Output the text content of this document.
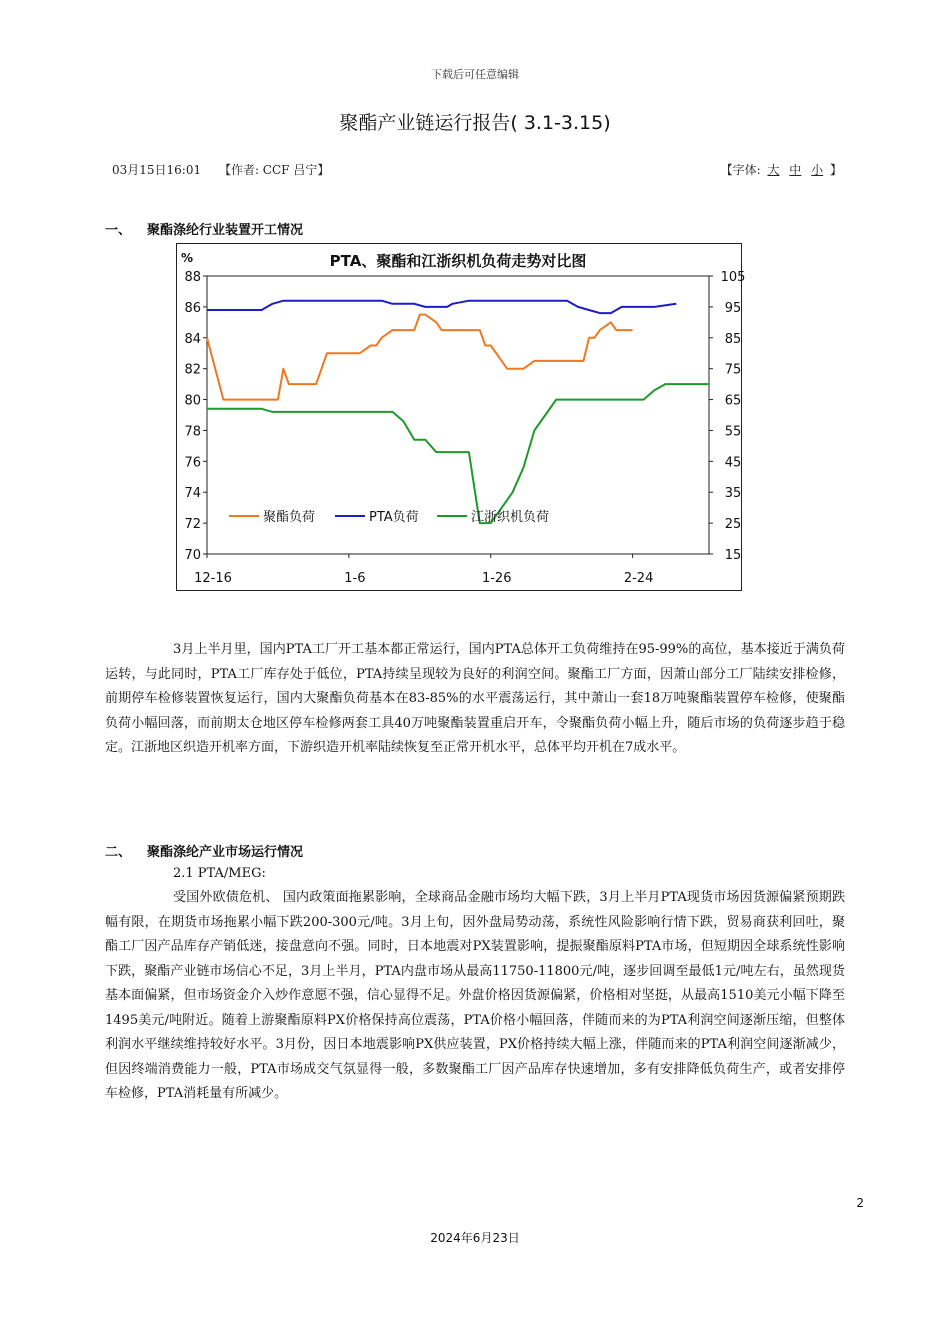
下载后可任意编辑
聚酯产业链运行报告( 3.1-3.15)
03月15日16:01 【作者: CCF 吕宁】	【字体: 大 中 小 】
一、 聚酯涤纶行业装置开工情况
PTA、聚酯和江浙织机负荷走势对比图
%
70
72
74
76
78
80
82
84
86
88
15
25
35
45
55
65
75
85
95
105
12-16	1-6	1-26	2-24
聚酯负荷	PTA负荷	江浙织机负荷

3月上半月里，国内PTA工厂开工基本都正常运行，国内PTA总体开工负荷维持在95-99%的高位，基本接近于满负荷运转，与此同时，PTA工厂库存处于低位，PTA持续呈现较为良好的利润空间。聚酯工厂方面，因萧山部分工厂陆续安排检修，前期停车检修装置恢复运行，国内大聚酯负荷基本在83-85%的水平震荡运行，其中萧山一套18万吨聚酯装置停车检修，使聚酯负荷小幅回落，而前期太仓地区停车检修两套工具40万吨聚酯装置重启开车，令聚酯负荷小幅上升，随后市场的负荷逐步趋于稳定。江浙地区织造开机率方面，下游织造开机率陆续恢复至正常开机水平，总体平均开机在7成水平。

二、 聚酯涤纶产业市场运行情况
2.1 PTA/MEG:

受国外欧债危机、 国内政策面拖累影响，全球商品金融市场均大幅下跌，3月上半月PTA现货市场因货源偏紧预期跌幅有限，在期货市场拖累小幅下跌200-300元/吨。3月上旬，因外盘局势动荡，系统性风险影响行情下跌，贸易商获利回吐，聚酯工厂因产品库存产销低迷，接盘意向不强。同时，日本地震对PX装置影响，提振聚酯原料PTA市场，但短期因全球系统性影响下跌，聚酯产业链市场信心不足，3月上半月，PTA内盘市场从最高11750-11800元/吨，逐步回调至最低1元/吨左右，虽然现货基本面偏紧，但市场资金介入炒作意愿不强，信心显得不足。外盘价格因货源偏紧，价格相对坚挺，从最高1510美元小幅下降至1495美元/吨附近。随着上游聚酯原料PX价格保持高位震荡，PTA价格小幅回落，伴随而来的为PTA利润空间逐渐压缩，但整体利润水平继续维持较好水平。3月份，因日本地震影响PX供应装置，PX价格持续大幅上涨，伴随而来的PTA利润空间逐渐减少，但因终端消费能力一般，PTA市场成交气氛显得一般，多数聚酯工厂因产品库存快速增加，多有安排降低负荷生产，或者安排停车检修，PTA消耗量有所减少。

2
2024年6月23日
